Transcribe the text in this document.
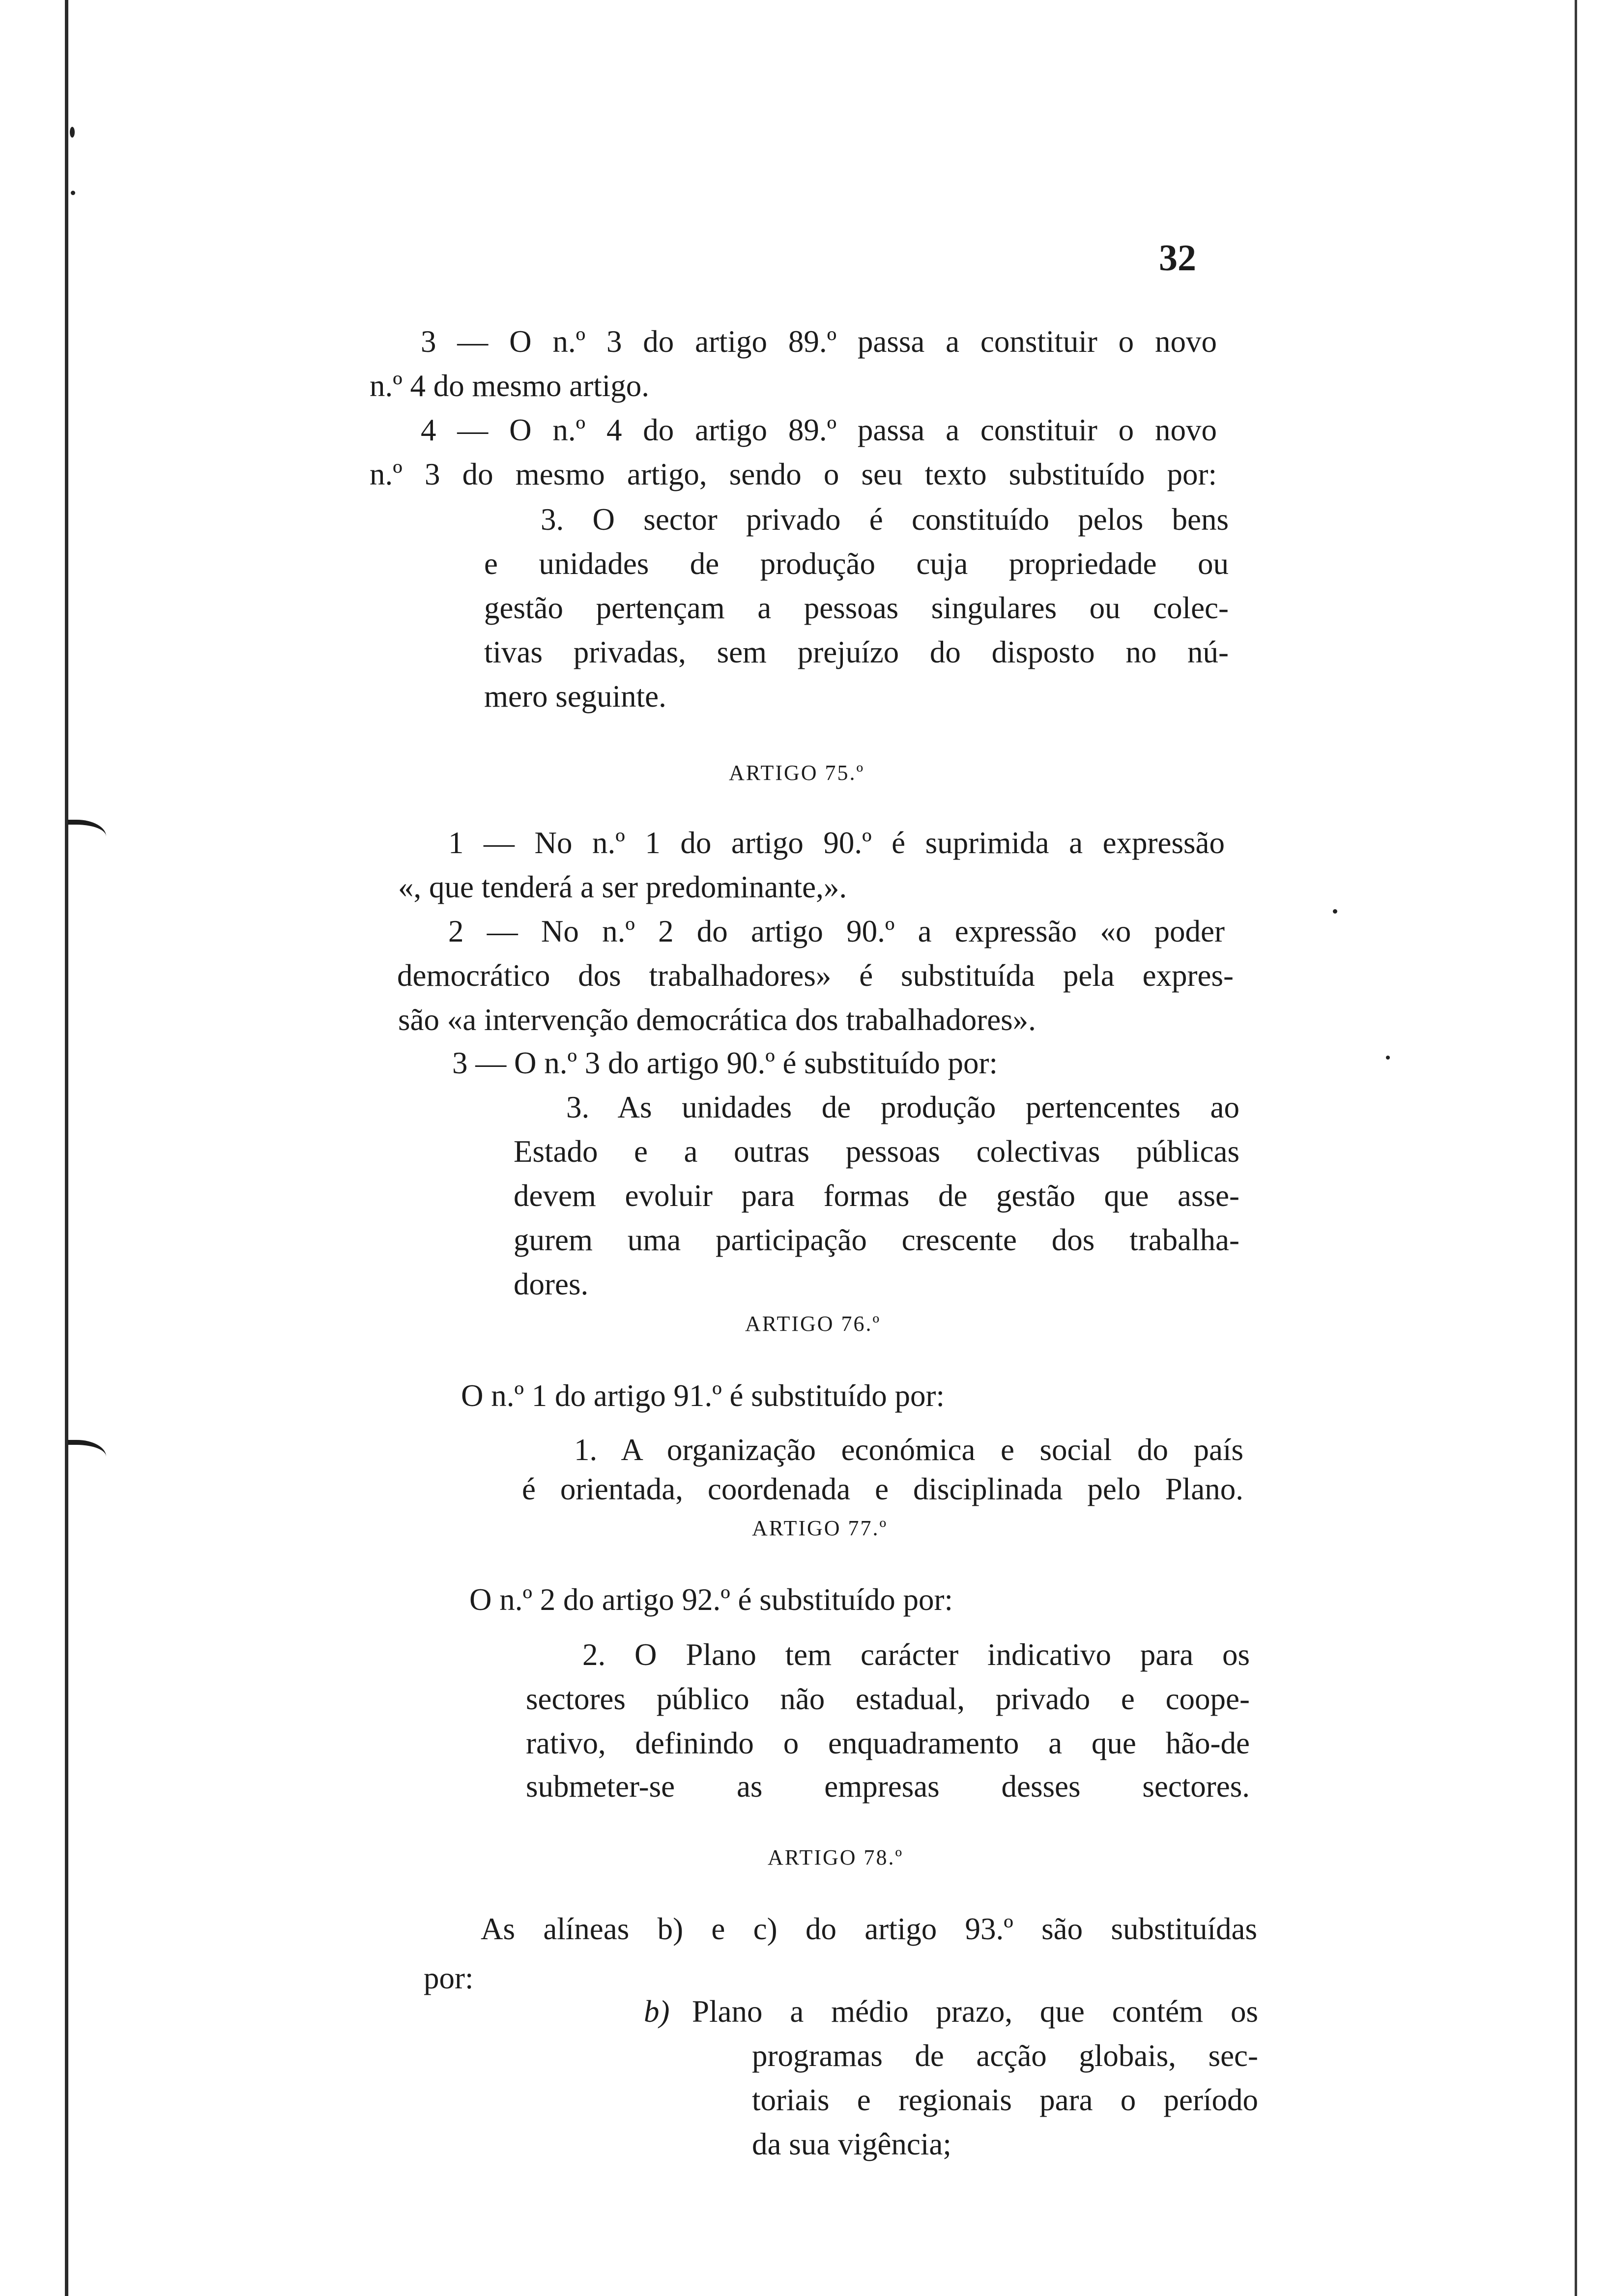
32
3 — O n.º 3 do artigo 89.º passa a constituir o novo
n.º 4 do mesmo artigo.
4 — O n.º 4 do artigo 89.º passa a constituir o novo
n.º 3 do mesmo artigo, sendo o seu texto substituído por:
3. O sector privado é constituído pelos bens
e unidades de produção cuja propriedade ou
gestão pertençam a pessoas singulares ou colec-
tivas privadas, sem prejuízo do disposto no nú-
mero seguinte.
ARTIGO 75.º
1 — No n.º 1 do artigo 90.º é suprimida a expressão
«, que tenderá a ser predominante,».
2 — No n.º 2 do artigo 90.º a expressão «o poder
democrático dos trabalhadores» é substituída pela expres-
são «a intervenção democrática dos trabalhadores».
3 — O n.º 3 do artigo 90.º é substituído por:
3. As unidades de produção pertencentes ao
Estado e a outras pessoas colectivas públicas
devem evoluir para formas de gestão que asse-
gurem uma participação crescente dos trabalha-
dores.
ARTIGO 76.º
O n.º 1 do artigo 91.º é substituído por:
1. A organização económica e social do país
é orientada, coordenada e disciplinada pelo Plano.
ARTIGO 77.º
O n.º 2 do artigo 92.º é substituído por:
2. O Plano tem carácter indicativo para os
sectores público não estadual, privado e coope-
rativo, definindo o enquadramento a que hão-de
submeter-se as empresas desses sectores.
ARTIGO 78.º
As alíneas b) e c) do artigo 93.º são substituídas
por:
b) Plano a médio prazo, que contém os
programas de acção globais, sec-
toriais e regionais para o período
da sua vigência;
